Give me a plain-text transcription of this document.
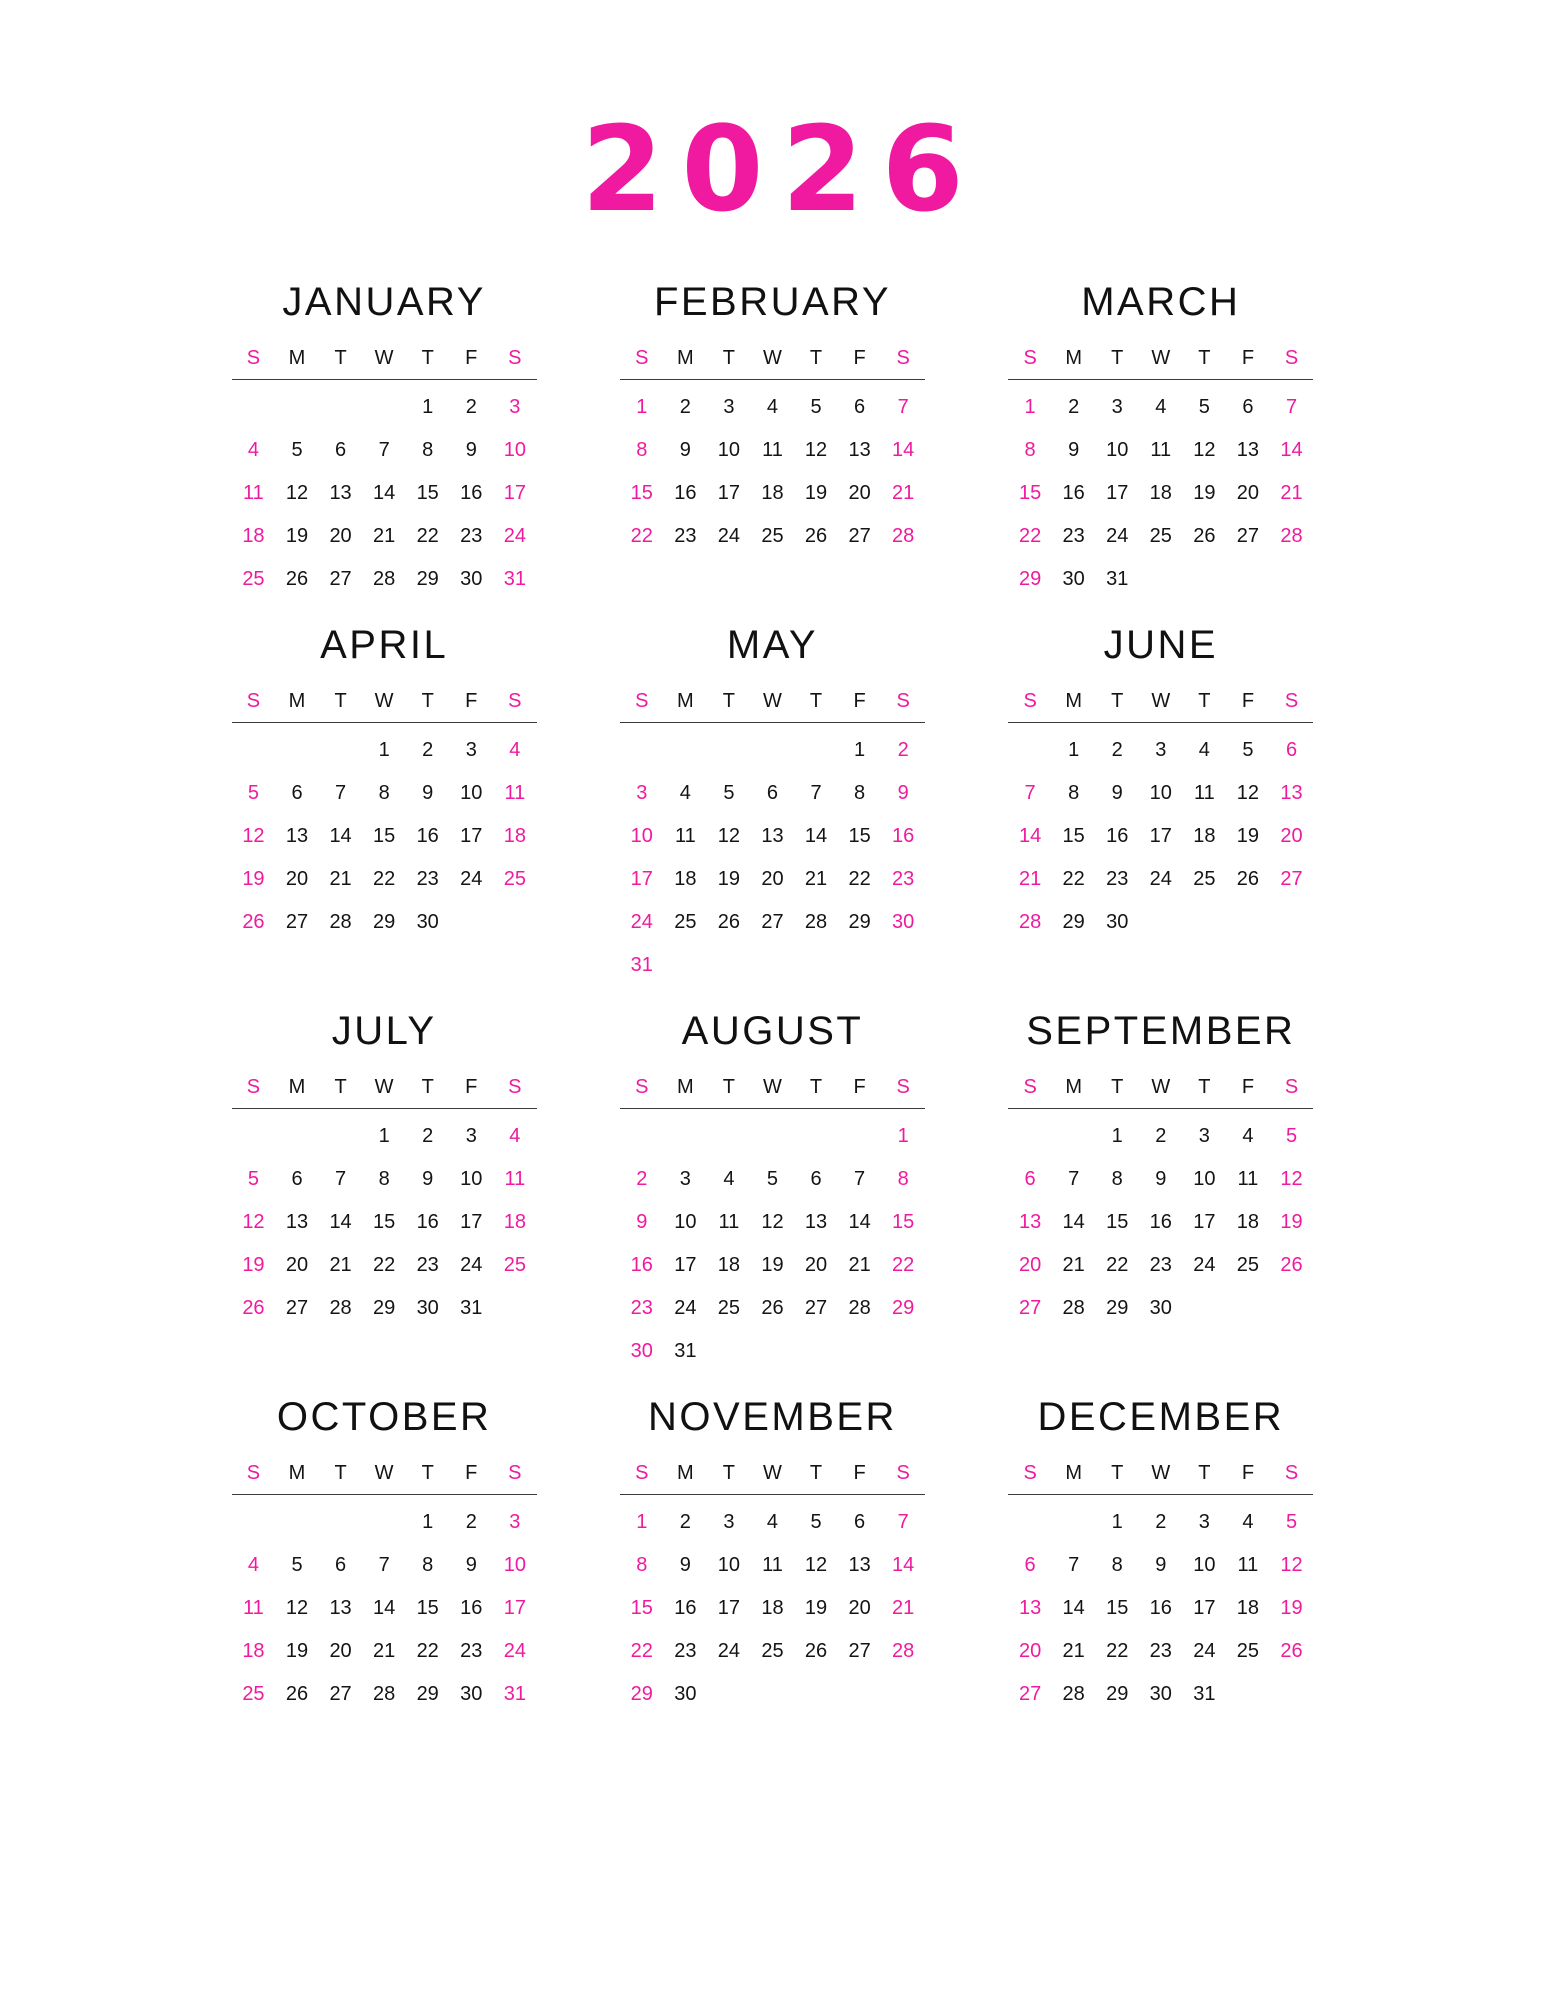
2026
JANUARY
S	M	T	W	T	F	S
				1	2	3
4	5	6	7	8	9	10
11	12	13	14	15	16	17
18	19	20	21	22	23	24
25	26	27	28	29	30	31
FEBRUARY
S	M	T	W	T	F	S
1	2	3	4	5	6	7
8	9	10	11	12	13	14
15	16	17	18	19	20	21
22	23	24	25	26	27	28
MARCH
S	M	T	W	T	F	S
1	2	3	4	5	6	7
8	9	10	11	12	13	14
15	16	17	18	19	20	21
22	23	24	25	26	27	28
29	30	31				
APRIL
S	M	T	W	T	F	S
			1	2	3	4
5	6	7	8	9	10	11
12	13	14	15	16	17	18
19	20	21	22	23	24	25
26	27	28	29	30		
MAY
S	M	T	W	T	F	S
					1	2
3	4	5	6	7	8	9
10	11	12	13	14	15	16
17	18	19	20	21	22	23
24	25	26	27	28	29	30
31						
JUNE
S	M	T	W	T	F	S
	1	2	3	4	5	6
7	8	9	10	11	12	13
14	15	16	17	18	19	20
21	22	23	24	25	26	27
28	29	30				
JULY
S	M	T	W	T	F	S
			1	2	3	4
5	6	7	8	9	10	11
12	13	14	15	16	17	18
19	20	21	22	23	24	25
26	27	28	29	30	31	
AUGUST
S	M	T	W	T	F	S
						1
2	3	4	5	6	7	8
9	10	11	12	13	14	15
16	17	18	19	20	21	22
23	24	25	26	27	28	29
30	31					
SEPTEMBER
S	M	T	W	T	F	S
		1	2	3	4	5
6	7	8	9	10	11	12
13	14	15	16	17	18	19
20	21	22	23	24	25	26
27	28	29	30			
OCTOBER
S	M	T	W	T	F	S
				1	2	3
4	5	6	7	8	9	10
11	12	13	14	15	16	17
18	19	20	21	22	23	24
25	26	27	28	29	30	31
NOVEMBER
S	M	T	W	T	F	S
1	2	3	4	5	6	7
8	9	10	11	12	13	14
15	16	17	18	19	20	21
22	23	24	25	26	27	28
29	30					
DECEMBER
S	M	T	W	T	F	S
		1	2	3	4	5
6	7	8	9	10	11	12
13	14	15	16	17	18	19
20	21	22	23	24	25	26
27	28	29	30	31		
